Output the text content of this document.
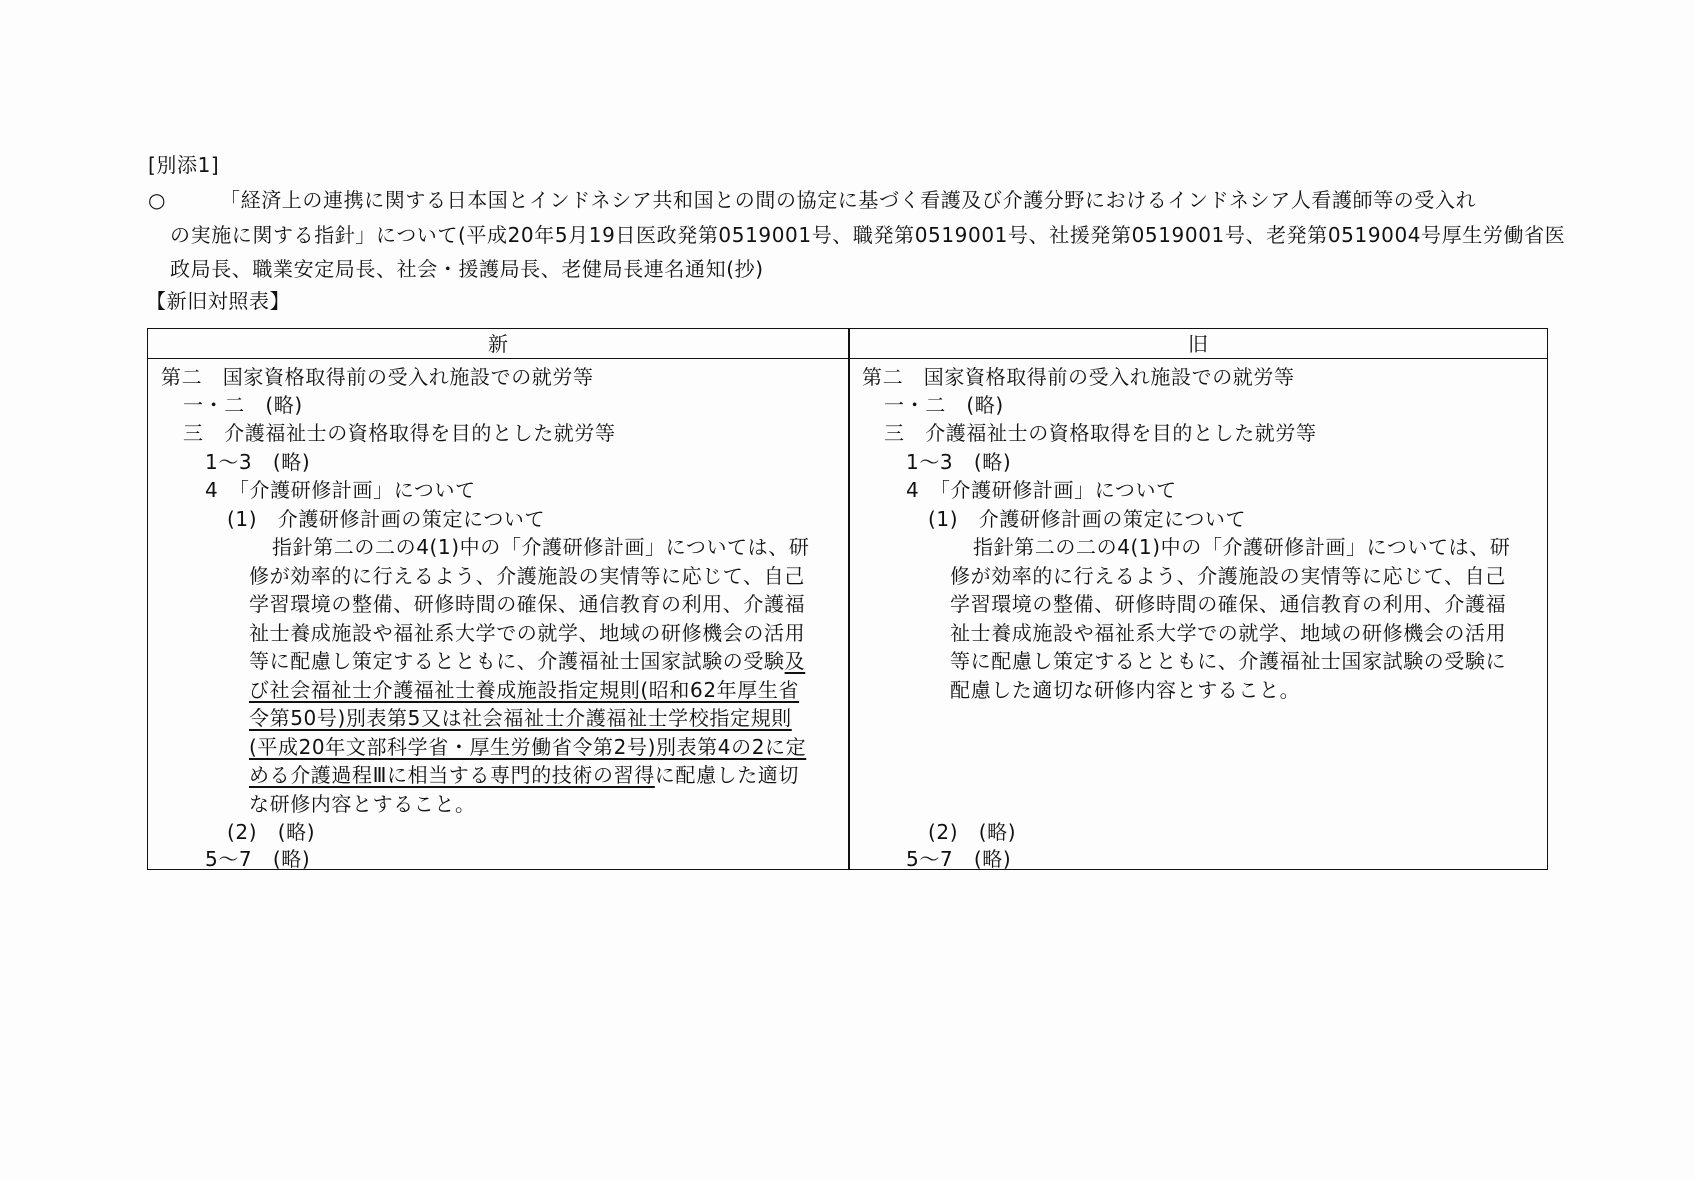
[別添1]
○	「経済上の連携に関する日本国とインドネシア共和国との間の協定に基づく看護及び介護分野におけるインドネシア人看護師等の受入れ
の実施に関する指針」について(平成20年5月19日医政発第0519001号、職発第0519001号、社援発第0519001号、老発第0519004号厚生労働省医
政局長、職業安定局長、社会・援護局長、老健局長連名通知(抄)
【新旧対照表】
新	旧
第二　国家資格取得前の受入れ施設での就労等
一・二　(略)
三　介護福祉士の資格取得を目的とした就労等
1～3　(略)
4　「介護研修計画」について
(1)　介護研修計画の策定について
指針第二の二の4(1)中の「介護研修計画」については、研
修が効率的に行えるよう、介護施設の実情等に応じて、自己
学習環境の整備、研修時間の確保、通信教育の利用、介護福
祉士養成施設や福祉系大学での就学、地域の研修機会の活用
等に配慮し策定するとともに、介護福祉士国家試験の受験及
び社会福祉士介護福祉士養成施設指定規則(昭和62年厚生省
令第50号)別表第5又は社会福祉士介護福祉士学校指定規則
(平成20年文部科学省・厚生労働省令第2号)別表第4の2に定
める介護過程Ⅲに相当する専門的技術の習得に配慮した適切
な研修内容とすること。
(2)　(略)
5～7　(略)
第二　国家資格取得前の受入れ施設での就労等
一・二　(略)
三　介護福祉士の資格取得を目的とした就労等
1～3　(略)
4　「介護研修計画」について
(1)　介護研修計画の策定について
指針第二の二の4(1)中の「介護研修計画」については、研
修が効率的に行えるよう、介護施設の実情等に応じて、自己
学習環境の整備、研修時間の確保、通信教育の利用、介護福
祉士養成施設や福祉系大学での就学、地域の研修機会の活用
等に配慮し策定するとともに、介護福祉士国家試験の受験に
配慮した適切な研修内容とすること。
(2)　(略)
5～7　(略)
